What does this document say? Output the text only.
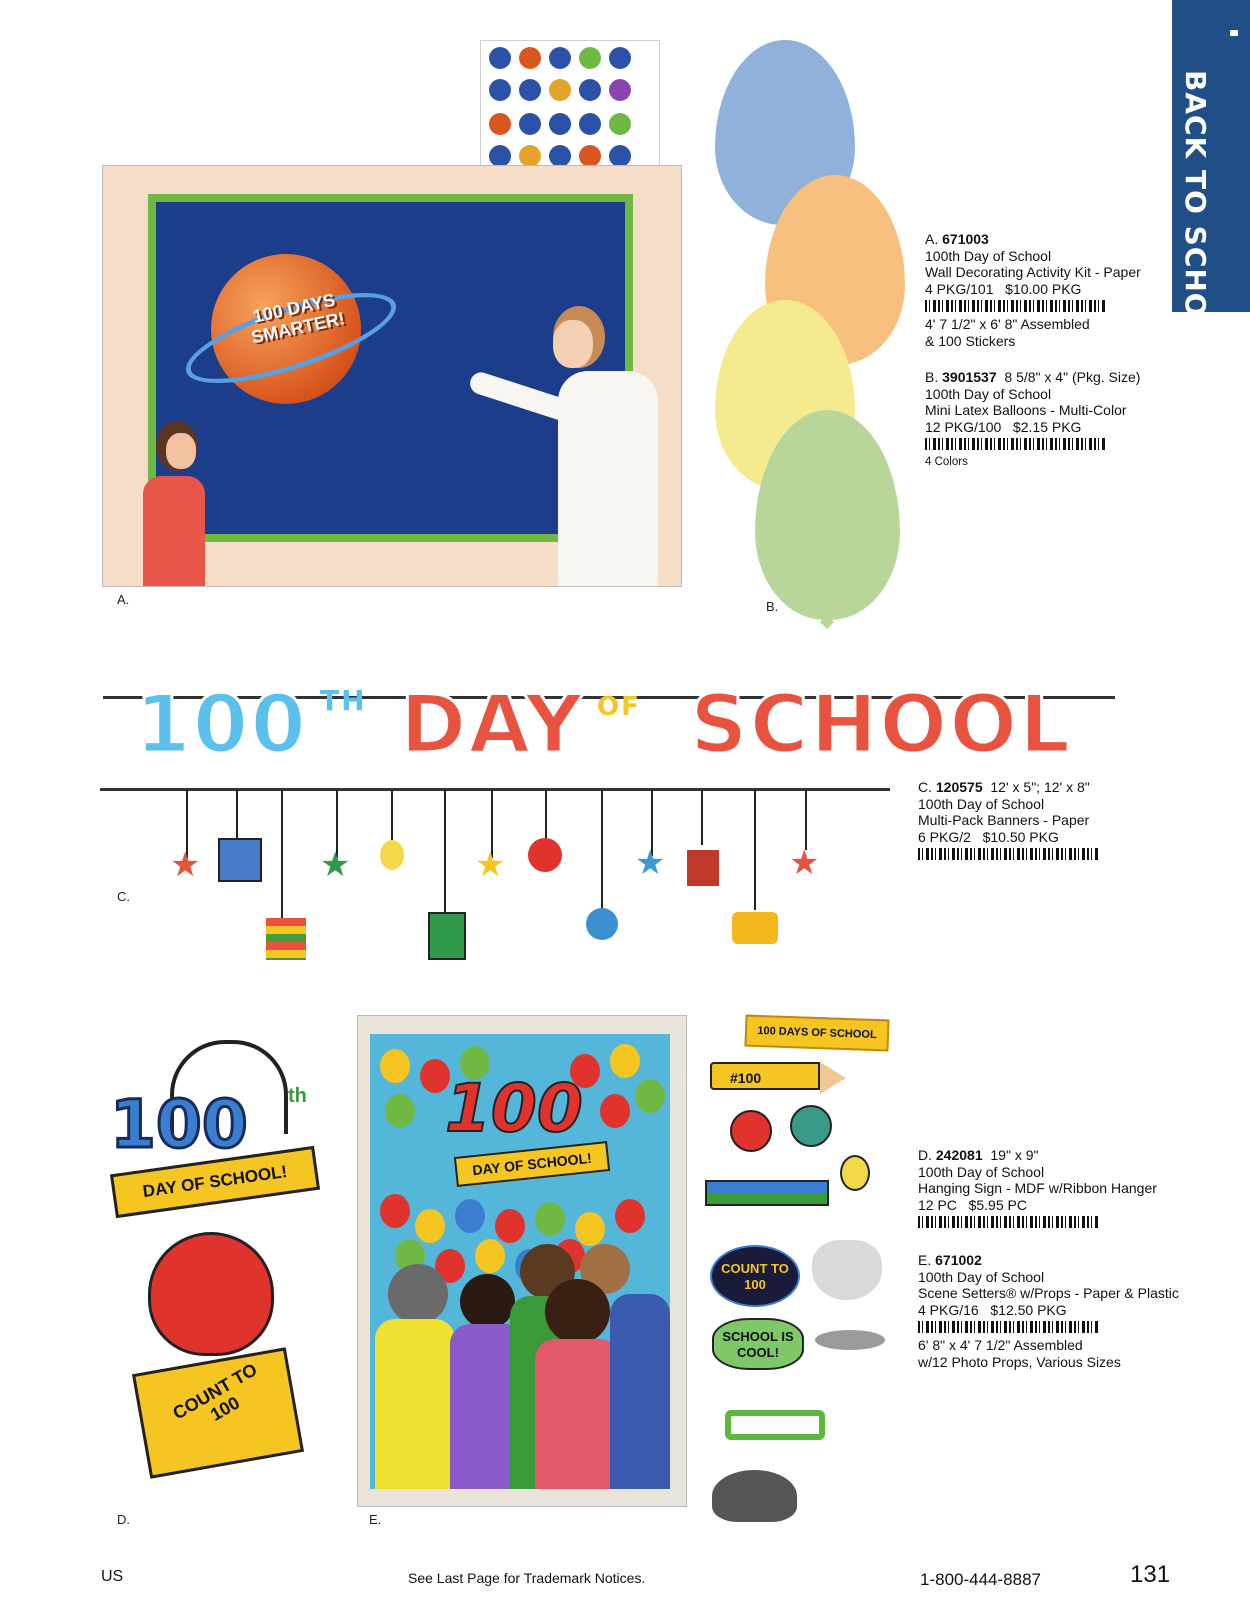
BACK TO SCHOOL
100 DAYS SMARTER!
A.	B.
A. 671003
100th Day of School
Wall Decorating Activity Kit - Paper
4 PKG/101 $10.00 PKG
4' 7 1/2" x 6' 8" Assembled
& 100 Stickers
B. 3901537 8 5/8" x 4" (Pkg. Size)
100th Day of School
Mini Latex Balloons - Multi-Color
12 PKG/100 $2.15 PKG
4 Colors
100 TH DAY OF SCHOOL
★	★	★	★	★
C.
C. 120575 12' x 5"; 12' x 8"
100th Day of School
Multi-Pack Banners - Paper
6 PKG/2 $10.50 PKG
100	th
DAY OF SCHOOL!
COUNT TO 100
D.
100
DAY OF SCHOOL!
E.
100 DAYS OF SCHOOL
#100
COUNT TO 100
SCHOOL IS COOL!
D. 242081 19" x 9"
100th Day of School
Hanging Sign - MDF w/Ribbon Hanger
12 PC $5.95 PC
E. 671002
100th Day of School
Scene Setters® w/Props - Paper & Plastic
4 PKG/16 $12.50 PKG
6' 8" x 4' 7 1/2" Assembled
w/12 Photo Props, Various Sizes
US	See Last Page for Trademark Notices.	1-800-444-8887	131
